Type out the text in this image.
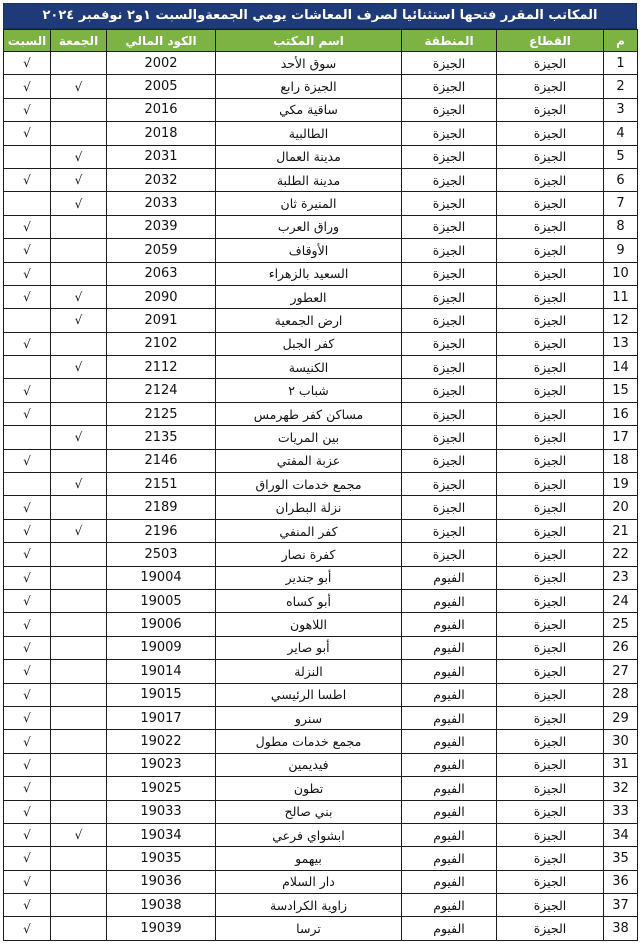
المكاتب المقرر فتحها استثنائيا لصرف المعاشات يومي الجمعةوالسبت ١و٢ نوفمبر ٢٠٢٤
السبت	الجمعة	الكود المالي	اسم المكتب	المنطقة	القطاع	م
√		2002	سوق الأحد	الجيزة	الجيزة	1
√	√	2005	الجيزة رابع	الجيزة	الجيزة	2
√		2016	ساقية مكي	الجيزة	الجيزة	3
√		2018	الطالبية	الجيزة	الجيزة	4
	√	2031	مدينة العمال	الجيزة	الجيزة	5
√	√	2032	مدينة الطلبة	الجيزة	الجيزة	6
	√	2033	المنيرة ثان	الجيزة	الجيزة	7
√		2039	وراق العرب	الجيزة	الجيزة	8
√		2059	الأوقاف	الجيزة	الجيزة	9
√		2063	السعيد بالزهراء	الجيزة	الجيزة	10
√	√	2090	العطور	الجيزة	الجيزة	11
	√	2091	ارض الجمعية	الجيزة	الجيزة	12
√		2102	كفر الجبل	الجيزة	الجيزة	13
	√	2112	الكنيسة	الجيزة	الجيزة	14
√		2124	شباب ٢	الجيزة	الجيزة	15
√		2125	مساكن كفر طهرمس	الجيزة	الجيزة	16
	√	2135	بين المريات	الجيزة	الجيزة	17
√		2146	عزبة المفتي	الجيزة	الجيزة	18
	√	2151	مجمع خدمات الوراق	الجيزة	الجيزة	19
√		2189	نزلة البطران	الجيزة	الجيزة	20
√	√	2196	كفر المنفي	الجيزة	الجيزة	21
√		2503	كفرة نصار	الجيزة	الجيزة	22
√		19004	أبو جندير	الفيوم	الجيزة	23
√		19005	أبو كساه	الفيوم	الجيزة	24
√		19006	اللاهون	الفيوم	الجيزة	25
√		19009	أبو صاير	الفيوم	الجيزة	26
√		19014	النزلة	الفيوم	الجيزة	27
√		19015	اطسا الرئيسي	الفيوم	الجيزة	28
√		19017	سنرو	الفيوم	الجيزة	29
√		19022	مجمع خدمات مطول	الفيوم	الجيزة	30
√		19023	فيديمين	الفيوم	الجيزة	31
√		19025	تطون	الفيوم	الجيزة	32
√		19033	بني صالح	الفيوم	الجيزة	33
√	√	19034	ابشواي فرعي	الفيوم	الجيزة	34
√		19035	بيهمو	الفيوم	الجيزة	35
√		19036	دار السلام	الفيوم	الجيزة	36
√		19038	زاوية الكرادسة	الفيوم	الجيزة	37
√		19039	ترسا	الفيوم	الجيزة	38
